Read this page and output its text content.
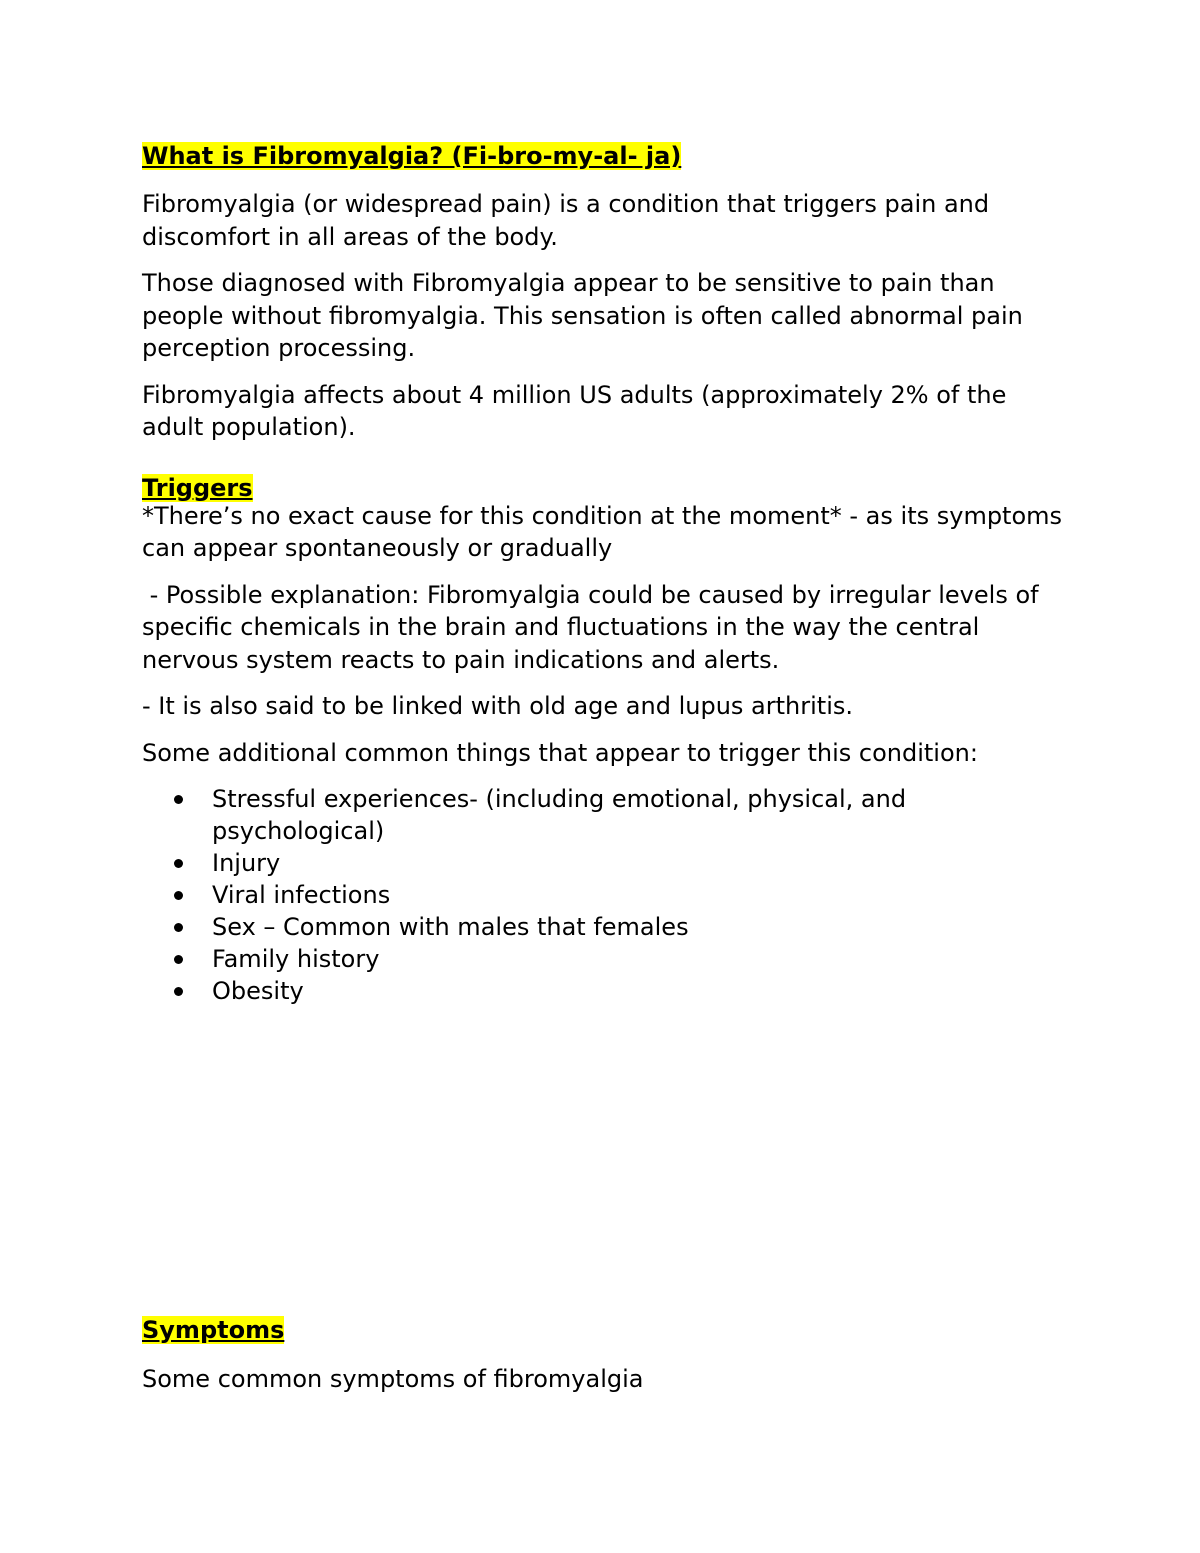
What is Fibromyalgia? (Fi-bro-my-al- ja)

Fibromyalgia (or widespread pain) is a condition that triggers pain and discomfort in all areas of the body.

Those diagnosed with Fibromyalgia appear to be sensitive to pain than people without fibromyalgia. This sensation is often called abnormal pain perception processing.

Fibromyalgia affects about 4 million US adults (approximately 2% of the adult population).

Triggers

*There’s no exact cause for this condition at the moment* - as its symptoms can appear spontaneously or gradually

- Possible explanation: Fibromyalgia could be caused by irregular levels of specific chemicals in the brain and fluctuations in the way the central nervous system reacts to pain indications and alerts.

- It is also said to be linked with old age and lupus arthritis.

Some additional common things that appear to trigger this condition:

Stressful experiences- (including emotional, physical, and psychological)
Injury
Viral infections
Sex – Common with males that females
Family history
Obesity
Symptoms

Some common symptoms of fibromyalgia
